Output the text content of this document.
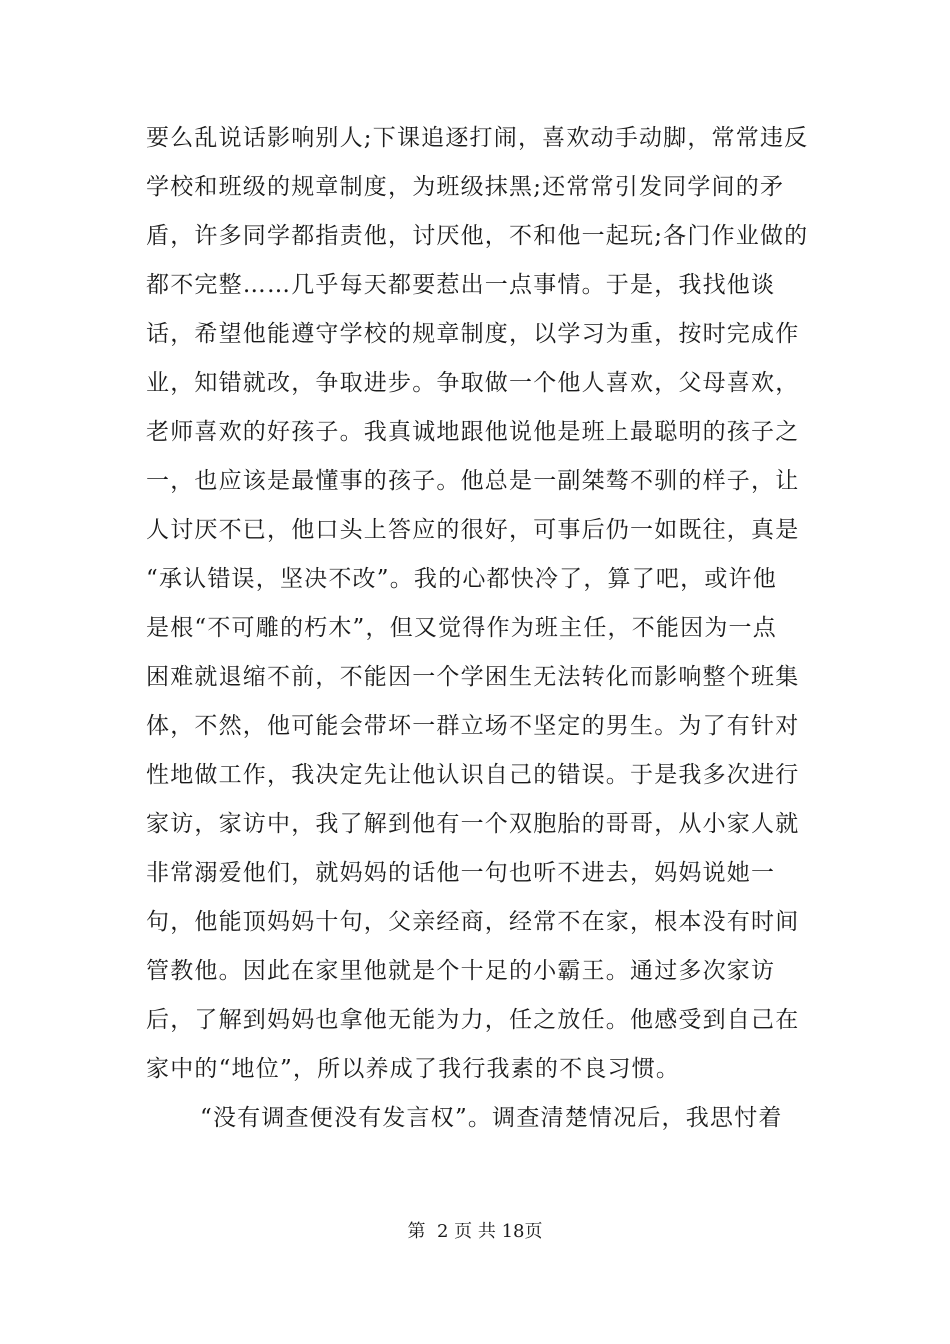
要么乱说话影响别人;下课追逐打闹，喜欢动手动脚，常常违反
学校和班级的规章制度，为班级抹黑;还常常引发同学间的矛
盾，许多同学都指责他，讨厌他，不和他一起玩;各门作业做的
都不完整……几乎每天都要惹出一点事情。于是，我找他谈
话，希望他能遵守学校的规章制度，以学习为重，按时完成作
业，知错就改，争取进步。争取做一个他人喜欢，父母喜欢，
老师喜欢的好孩子。我真诚地跟他说他是班上最聪明的孩子之
一，也应该是最懂事的孩子。他总是一副桀骜不驯的样子，让
人讨厌不已，他口头上答应的很好，可事后仍一如既往，真是
“承认错误，坚决不改”。我的心都快冷了，算了吧，或许他
是根“不可雕的朽木”，但又觉得作为班主任，不能因为一点
困难就退缩不前，不能因一个学困生无法转化而影响整个班集
体，不然，他可能会带坏一群立场不坚定的男生。为了有针对
性地做工作，我决定先让他认识自己的错误。于是我多次进行
家访，家访中，我了解到他有一个双胞胎的哥哥，从小家人就
非常溺爱他们，就妈妈的话他一句也听不进去，妈妈说她一
句，他能顶妈妈十句，父亲经商，经常不在家，根本没有时间
管教他。因此在家里他就是个十足的小霸王。通过多次家访
后，了解到妈妈也拿他无能为力，任之放任。他感受到自己在
家中的“地位”，所以养成了我行我素的不良习惯。
“没有调查便没有发言权”。调查清楚情况后，我思忖着
第  2 页 共 18页
